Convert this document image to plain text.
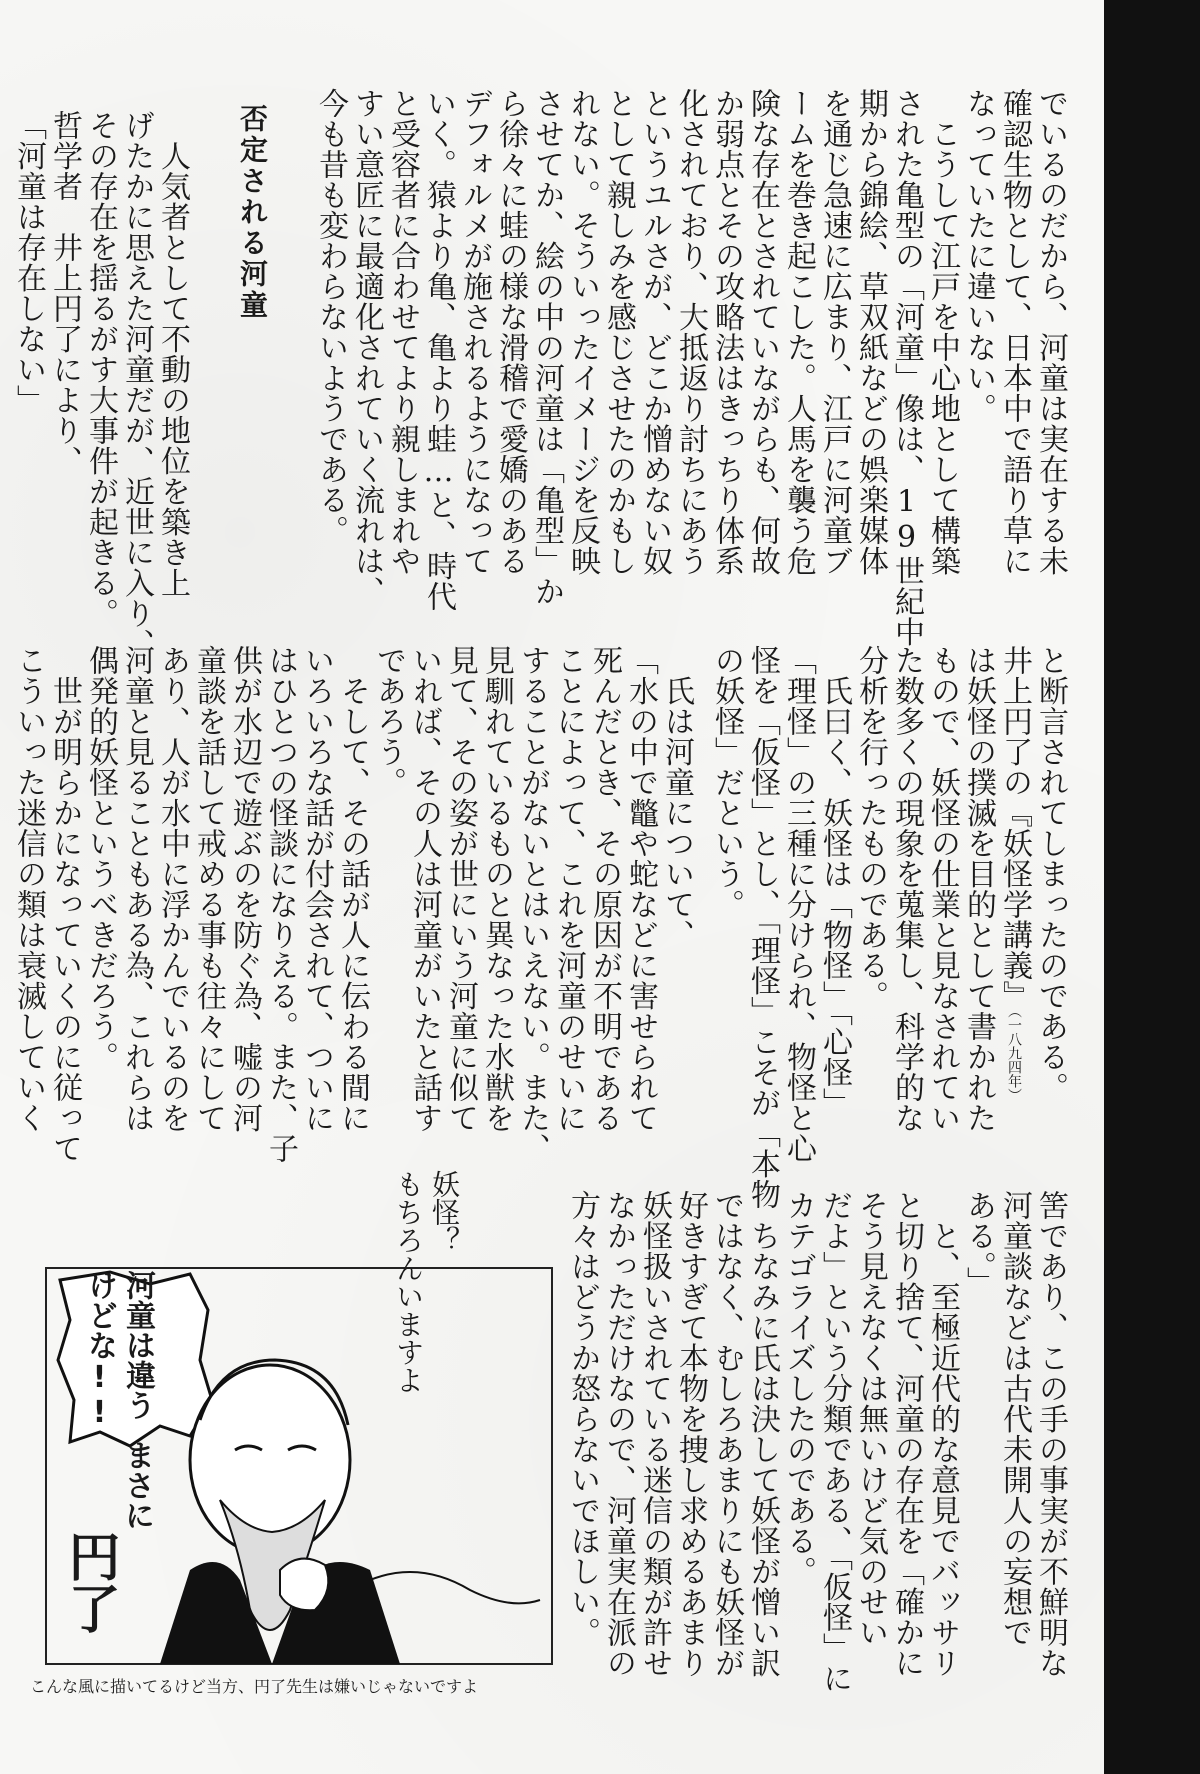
でいるのだから、河童は実在する未
確認生物として、日本中で語り草に
なっていたに違いない。
　こうして江戸を中心地として構築
された亀型の「河童」像は、19世紀中
期から錦絵、草双紙などの娯楽媒体
を通じ急速に広まり、江戸に河童ブ
ームを巻き起こした。人馬を襲う危
険な存在とされていながらも、何故
か弱点とその攻略法はきっちり体系
化されており、大抵返り討ちにあう
というユルさが、どこか憎めない奴
として親しみを感じさせたのかもし
れない。そういったイメージを反映
させてか、絵の中の河童は「亀型」か
ら徐々に蛙の様な滑稽で愛嬌のある
デフォルメが施されるようになって
いく。猿より亀、亀より蛙…と、時代
と受容者に合わせてより親しまれや
すい意匠に最適化されていく流れは、
今も昔も変わらないようである。
否定される河童
　人気者として不動の地位を築き上
げたかに思えた河童だが、近世に入り、
その存在を揺るがす大事件が起きる。
哲学者　井上円了により、
「河童は存在しない」
と断言されてしまったのである。
井上円了の『妖怪学講義』（一八九四年）
は妖怪の撲滅を目的として書かれた
もので、妖怪の仕業と見なされてい
た数多くの現象を蒐集し、科学的な
分析を行ったものである。
　氏曰く、妖怪は「物怪」「心怪」
「理怪」の三種に分けられ、物怪と心
怪を「仮怪」とし、「理怪」こそが「本物
の妖怪」だという。
　氏は河童について、
「水の中で鼈や蛇などに害せられて
死んだとき、その原因が不明である
ことによって、これを河童のせいに
することがないとはいえない。また、
見馴れているものと異なった水獣を
見て、その姿が世にいう河童に似て
いれば、その人は河童がいたと話す
であろう。
　そして、その話が人に伝わる間に
いろいろな話が付会されて、ついに
はひとつの怪談になりえる。また、子
供が水辺で遊ぶのを防ぐ為、嘘の河
童談を話して戒める事も往々にして
あり、人が水中に浮かんでいるのを
河童と見ることもある為、これらは
偶発的妖怪というべきだろう。
　世が明らかになっていくのに従って
こういった迷信の類は衰滅していく
筈であり、この手の事実が不鮮明な
河童談などは古代未開人の妄想で
ある。」
　と、至極近代的な意見でバッサリ
と切り捨て、河童の存在を「確かに
そう見えなくは無いけど気のせい
だよ」という分類である、「仮怪」に
カテゴライズしたのである。
　ちなみに氏は決して妖怪が憎い訳
ではなく、むしろあまりにも妖怪が
好きすぎて本物を捜し求めるあまり
妖怪扱いされている迷信の類が許せ
なかっただけなので、河童実在派の
方々はどうか怒らないでほしい。
河童は違う
けどな!!
妖怪？
もちろんいますよ
まさに
円了
こんな風に描いてるけど当方、円了先生は嫌いじゃないですよ
